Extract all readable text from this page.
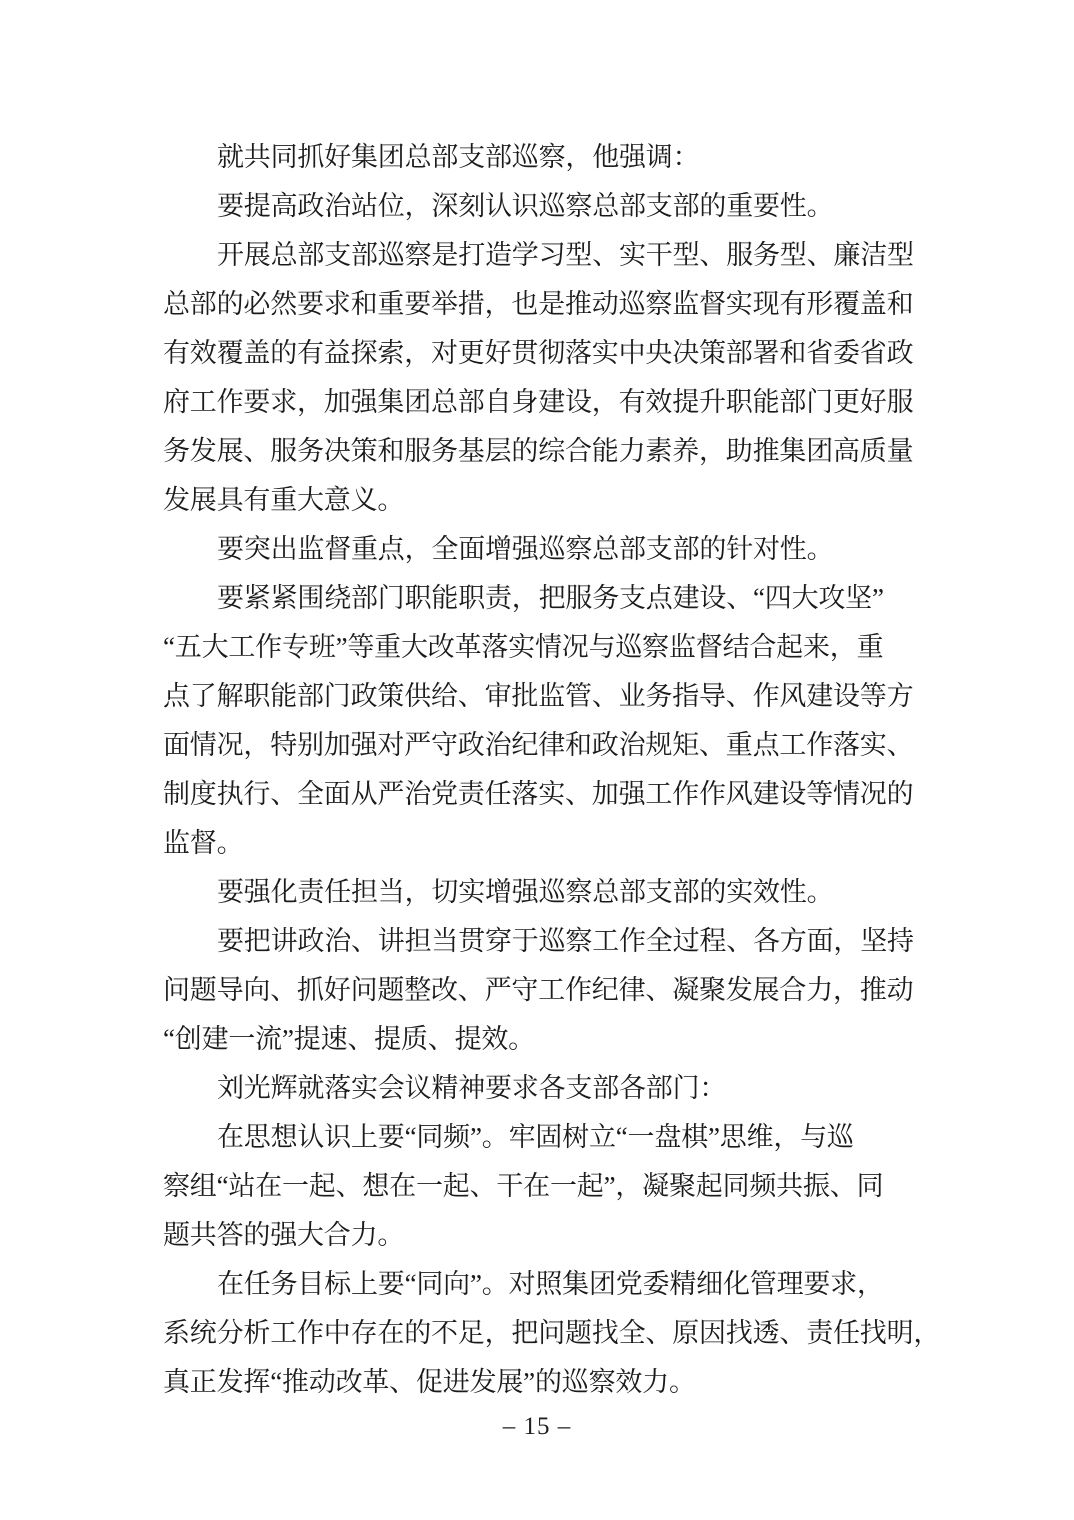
就共同抓好集团总部支部巡察，他强调：
要提高政治站位，深刻认识巡察总部支部的重要性。
开展总部支部巡察是打造学习型、实干型、服务型、廉洁型
总部的必然要求和重要举措，也是推动巡察监督实现有形覆盖和
有效覆盖的有益探索，对更好贯彻落实中央决策部署和省委省政
府工作要求，加强集团总部自身建设，有效提升职能部门更好服
务发展、服务决策和服务基层的综合能力素养，助推集团高质量
发展具有重大意义。
要突出监督重点，全面增强巡察总部支部的针对性。
要紧紧围绕部门职能职责，把服务支点建设、“四大攻坚”
“五大工作专班”等重大改革落实情况与巡察监督结合起来，重
点了解职能部门政策供给、审批监管、业务指导、作风建设等方
面情况，特别加强对严守政治纪律和政治规矩、重点工作落实、
制度执行、全面从严治党责任落实、加强工作作风建设等情况的
监督。
要强化责任担当，切实增强巡察总部支部的实效性。
要把讲政治、讲担当贯穿于巡察工作全过程、各方面，坚持
问题导向、抓好问题整改、严守工作纪律、凝聚发展合力，推动
“创建一流”提速、提质、提效。
刘光辉就落实会议精神要求各支部各部门：
在思想认识上要“同频”。牢固树立“一盘棋”思维，与巡
察组“站在一起、想在一起、干在一起”，凝聚起同频共振、同
题共答的强大合力。
在任务目标上要“同向”。对照集团党委精细化管理要求，
系统分析工作中存在的不足，把问题找全、原因找透、责任找明，
真正发挥“推动改革、促进发展”的巡察效力。
– 15 –
